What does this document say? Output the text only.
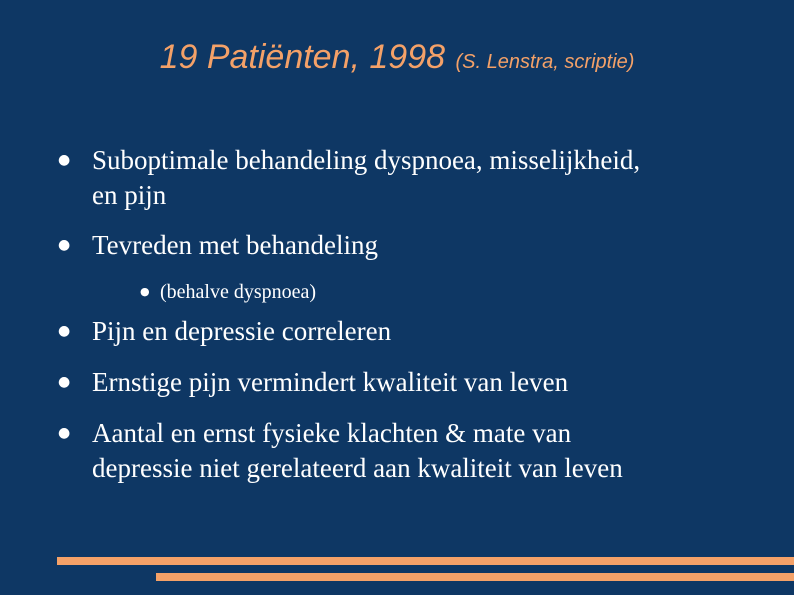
19 Patiënten, 1998 (S. Lenstra, scriptie)
● Suboptimale behandeling dyspnoea, misselijkheid,
en pijn
● Tevreden met behandeling
● (behalve dyspnoea)
● Pijn en depressie correleren
● Ernstige pijn vermindert kwaliteit van leven
● Aantal en ernst fysieke klachten & mate van
depressie niet gerelateerd aan kwaliteit van leven
